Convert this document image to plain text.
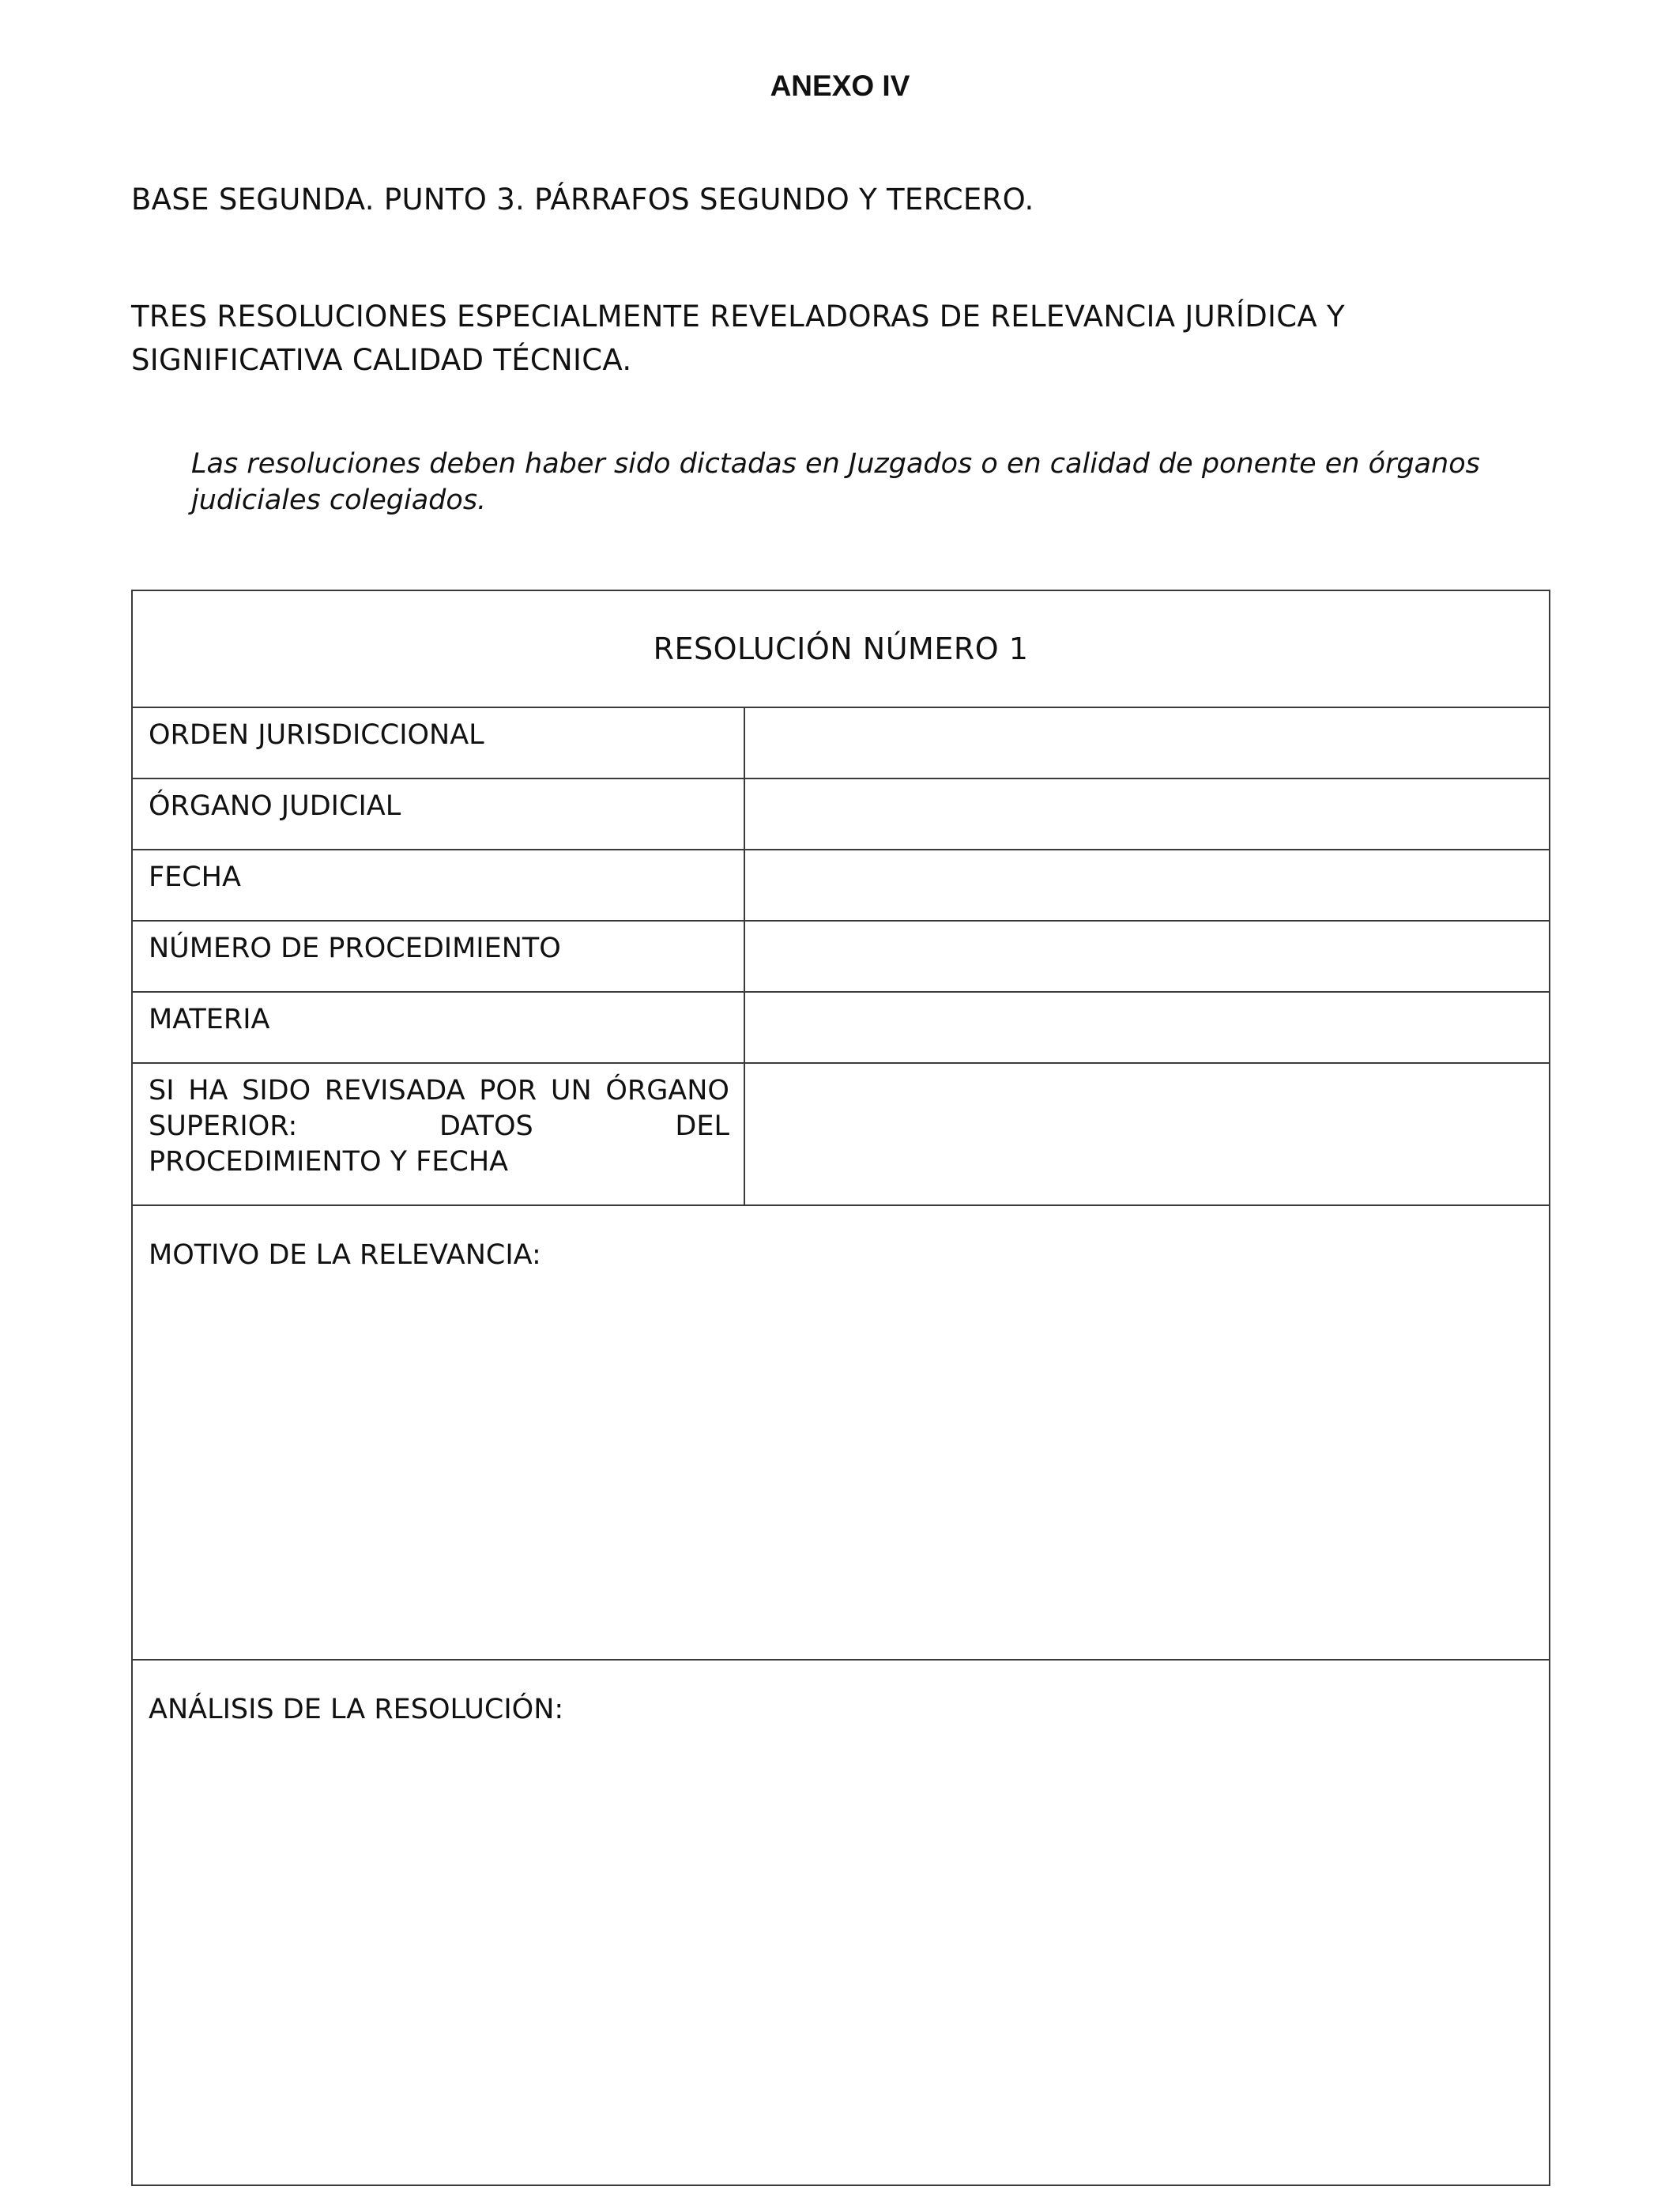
ANEXO IV

BASE SEGUNDA. PUNTO 3. PÁRRAFOS SEGUNDO Y TERCERO.

TRES RESOLUCIONES ESPECIALMENTE REVELADORAS DE RELEVANCIA JURÍDICA Y
SIGNIFICATIVA CALIDAD TÉCNICA.

Las resoluciones deben haber sido dictadas en Juzgados o en calidad de ponente en órganos
judiciales colegiados.

RESOLUCIÓN NÚMERO 1	
ORDEN JURISDICCIONAL	
ÓRGANO JUDICIAL	
FECHA	
NÚMERO DE PROCEDIMIENTO	
MATERIA	

SI HA SIDO REVISADA POR UN ÓRGANO
SUPERIOR: DATOS DEL
PROCEDIMIENTO Y FECHA	

MOTIVO DE LA RELEVANCIA:	

ANÁLISIS DE LA RESOLUCIÓN:	
